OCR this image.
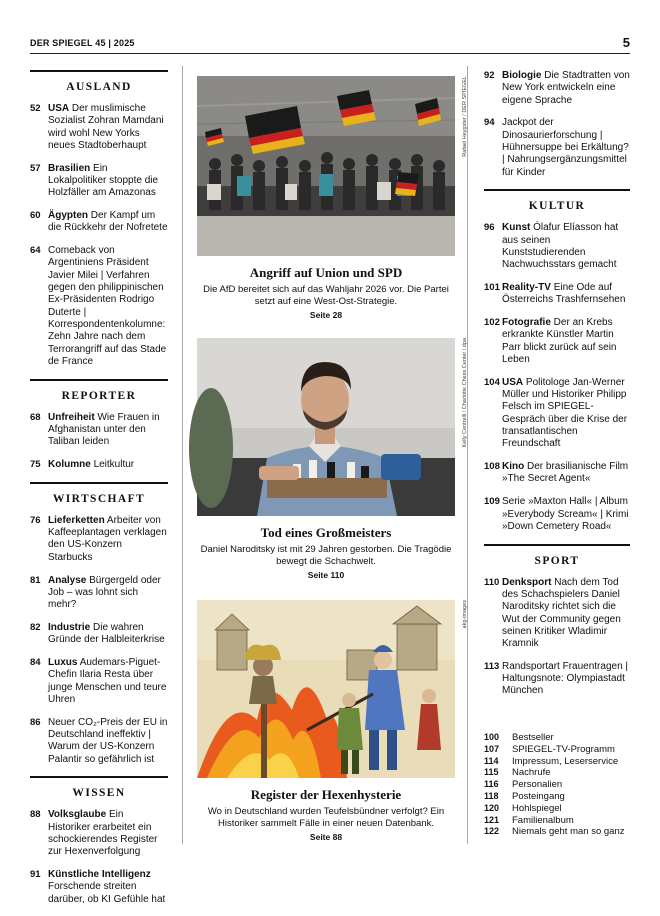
DER SPIEGEL 45 | 2025	5
AUSLAND
52 USA Der muslimische Sozialist Zohran Mamdani wird wohl New Yorks neues Stadtoberhaupt
57 Brasilien Ein Lokalpolitiker stoppte die Holzfäller am Amazonas
60 Ägypten Der Kampf um die Rückkehr der Nofretete
64 Comeback von Argentiniens Präsident Javier Milei | Verfahren gegen den philippinischen Ex-Präsidenten Rodrigo Duterte | Korrespondentenkolumne: Zehn Jahre nach dem Terrorangriff auf das Stade de France
REPORTER
68 Unfreiheit Wie Frauen in Afghanistan unter den Taliban leiden
75 Kolumne Leitkultur
WIRTSCHAFT
76 Lieferketten Arbeiter von Kaffeeplantagen verklagen den US-Konzern Starbucks
81 Analyse Bürgergeld oder Job – was lohnt sich mehr?
82 Industrie Die wahren Gründe der Halbleiterkrise
84 Luxus Audemars-Piguet-Chefin Ilaria Resta über junge Menschen und teure Uhren
86 Neuer CO₂-Preis der EU in Deutschland ineffektiv | Warum der US-Konzern Palantir so gefährlich ist
WISSEN
88 Volksglaube Ein Historiker erarbeitet ein schockierendes Register zur Hexenverfolgung
91 Künstliche Intelligenz Forschende streiten darüber, ob KI Gefühle hat
92 Biologie Die Stadtratten von New York entwickeln eine eigene Sprache
94 Jackpot der Dinosaurierforschung | Hühnersuppe bei Erkältung? | Nahrungsergänzungsmittel für Kinder
KULTUR
96 Kunst Ólafur Elíasson hat aus seinen Kunststudierenden Nachwuchsstars gemacht
101 Reality-TV Eine Ode auf Österreichs Trashfernsehen
102 Fotografie Der an Krebs erkrankte Künstler Martin Parr blickt zurück auf sein Leben
104 USA Politologe Jan-Werner Müller und Historiker Philipp Felsch im SPIEGEL-Gespräch über die Krise der transatlantischen Freundschaft
108 Kino Der brasilianische Film »The Secret Agent«
109 Serie »Maxton Hall« | Album »Everybody Scream« | Krimi »Down Cemetery Road«
SPORT
110 Denksport Nach dem Tod des Schachspielers Daniel Naroditsky richtet sich die Wut der Community gegen seinen Kritiker Wladimir Kramnik
113 Randsportart Frauentragen | Haltungsnote: Olympiastadt München
Rafael Heygster / DER SPIEGEL
Angriff auf Union und SPD

Die AfD bereitet sich auf das Wahljahr 2026 vor. Die Partei setzt auf eine West-Ost-Strategie.

Seite 28
Kelly Centrelli / Charlotte Chess Center / dpa
Tod eines Großmeisters

Daniel Naroditsky ist mit 29 Jahren gestorben. Die Tragödie bewegt die Schachwelt.

Seite 110
akg-images
Register der Hexenhysterie

Wo in Deutschland wurden Teufelsbündner verfolgt? Ein Historiker sammelt Fälle in einer neuen Datenbank.

Seite 88
100	Bestseller
107	SPIEGEL-TV-Programm
114	Impressum, Leserservice
115	Nachrufe
116	Personalien
118	Posteingang
120	Hohlspiegel
121	Familienalbum
122	Niemals geht man so ganz
